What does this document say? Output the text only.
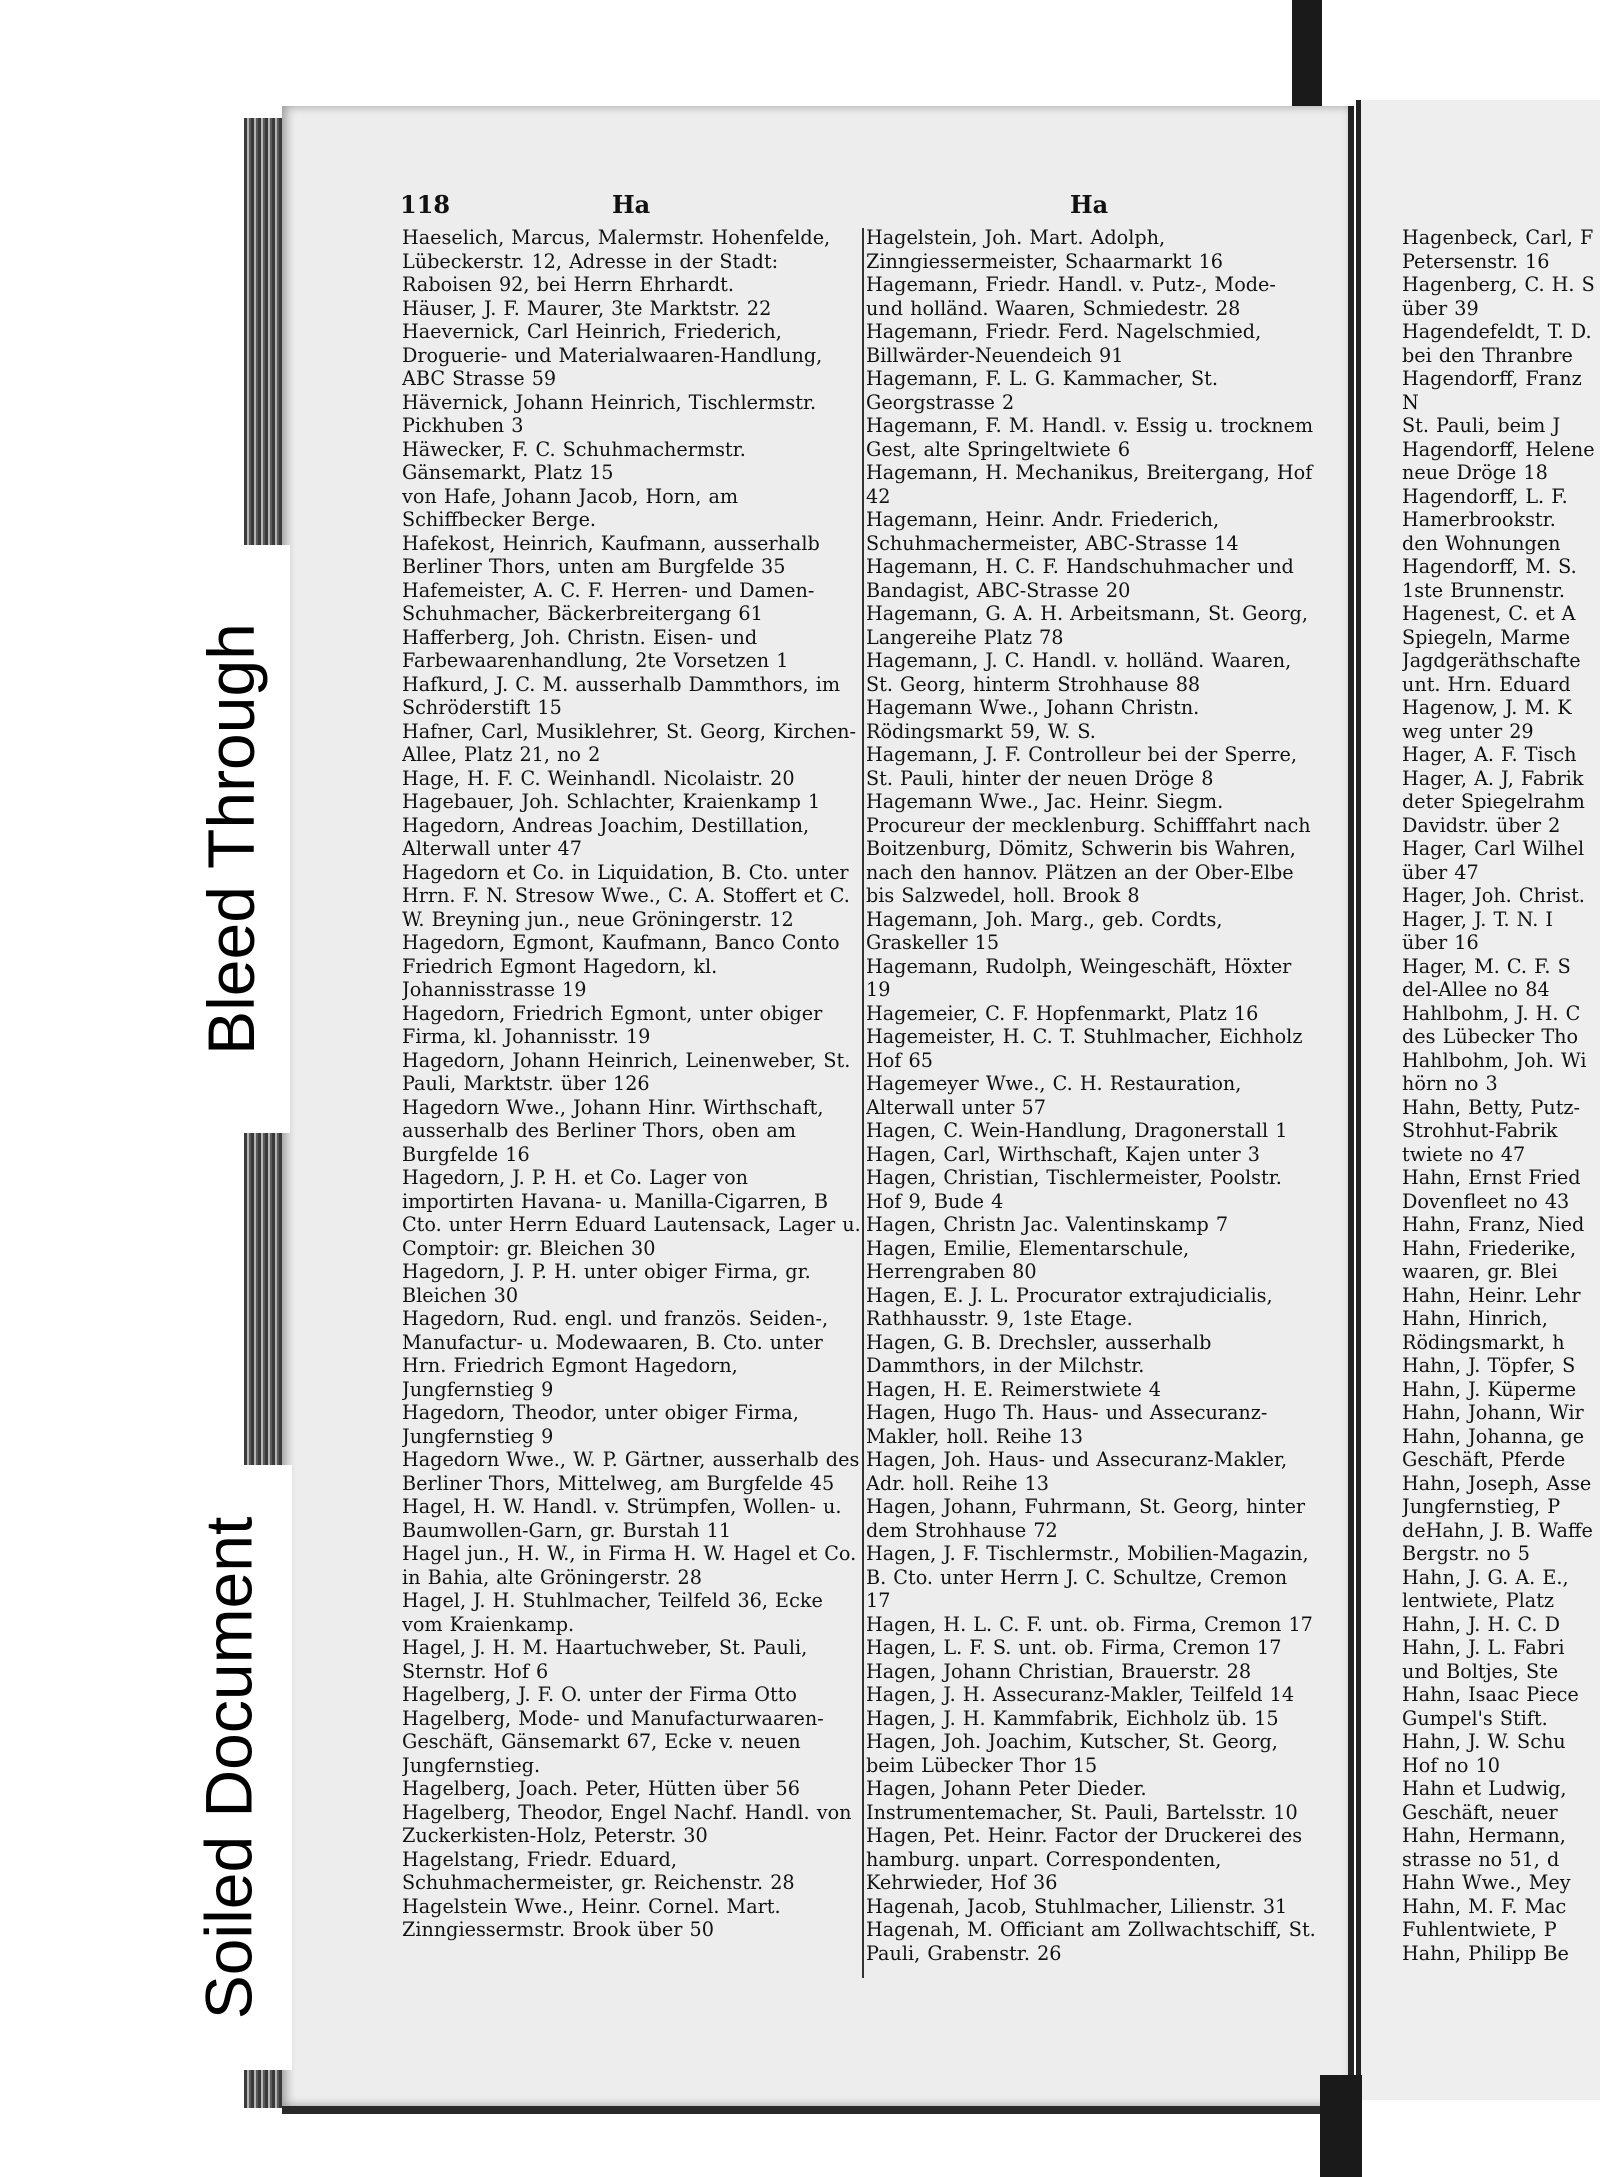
118	Ha	Ha

Haeselich, Marcus, Malermstr. Hohenfelde, Lübeckerstr. 12, Adresse in der Stadt: Raboisen 92, bei Herrn Ehrhardt.

Häuser, J. F. Maurer, 3te Marktstr. 22

Haevernick, Carl Heinrich, Friederich, Droguerie- und Materialwaaren-Handlung, ABC Strasse 59

Hävernick, Johann Heinrich, Tischlermstr. Pickhuben 3

Häwecker, F. C. Schuhmachermstr. Gänsemarkt, Platz 15

von Hafe, Johann Jacob, Horn, am Schiffbecker Berge.

Hafekost, Heinrich, Kaufmann, ausserhalb Berliner Thors, unten am Burgfelde 35

Hafemeister, A. C. F. Herren- und Damen-Schuhmacher, Bäckerbreitergang 61

Hafferberg, Joh. Christn. Eisen- und Farbewaarenhandlung, 2te Vorsetzen 1

Hafkurd, J. C. M. ausserhalb Dammthors, im Schröderstift 15

Hafner, Carl, Musiklehrer, St. Georg, Kirchen-Allee, Platz 21, no 2

Hage, H. F. C. Weinhandl. Nicolaistr. 20

Hagebauer, Joh. Schlachter, Kraienkamp 1

Hagedorn, Andreas Joachim, Destillation, Alterwall unter 47

Hagedorn et Co. in Liquidation, B. Cto. unter Hrrn. F. N. Stresow Wwe., C. A. Stoffert et C. W. Breyning jun., neue Gröningerstr. 12

Hagedorn, Egmont, Kaufmann, Banco Conto Friedrich Egmont Hagedorn, kl. Johannisstrasse 19

Hagedorn, Friedrich Egmont, unter obiger Firma, kl. Johannisstr. 19

Hagedorn, Johann Heinrich, Leinenweber, St. Pauli, Marktstr. über 126

Hagedorn Wwe., Johann Hinr. Wirthschaft, ausserhalb des Berliner Thors, oben am Burgfelde 16

Hagedorn, J. P. H. et Co. Lager von importirten Havana- u. Manilla-Cigarren, B Cto. unter Herrn Eduard Lautensack, Lager u. Comptoir: gr. Bleichen 30

Hagedorn, J. P. H. unter obiger Firma, gr. Bleichen 30

Hagedorn, Rud. engl. und französ. Seiden-, Manufactur- u. Modewaaren, B. Cto. unter Hrn. Friedrich Egmont Hagedorn, Jungfernstieg 9

Hagedorn, Theodor, unter obiger Firma, Jungfernstieg 9

Hagedorn Wwe., W. P. Gärtner, ausserhalb des Berliner Thors, Mittelweg, am Burgfelde 45

Hagel, H. W. Handl. v. Strümpfen, Wollen- u. Baumwollen-Garn, gr. Burstah 11

Hagel jun., H. W., in Firma H. W. Hagel et Co. in Bahia, alte Gröningerstr. 28

Hagel, J. H. Stuhlmacher, Teilfeld 36, Ecke vom Kraienkamp.

Hagel, J. H. M. Haartuchweber, St. Pauli, Sternstr. Hof 6

Hagelberg, J. F. O. unter der Firma Otto Hagelberg, Mode- und Manufacturwaaren-Geschäft, Gänsemarkt 67, Ecke v. neuen Jungfernstieg.

Hagelberg, Joach. Peter, Hütten über 56

Hagelberg, Theodor, Engel Nachf. Handl. von Zuckerkisten-Holz, Peterstr. 30

Hagelstang, Friedr. Eduard, Schuhmachermeister, gr. Reichenstr. 28

Hagelstein Wwe., Heinr. Cornel. Mart. Zinngiessermstr. Brook über 50

Hagelstein, Joh. Mart. Adolph, Zinngiessermeister, Schaarmarkt 16

Hagemann, Friedr. Handl. v. Putz-, Mode- und holländ. Waaren, Schmiedestr. 28

Hagemann, Friedr. Ferd. Nagelschmied, Billwärder-Neuendeich 91

Hagemann, F. L. G. Kammacher, St. Georgstrasse 2

Hagemann, F. M. Handl. v. Essig u. trocknem Gest, alte Springeltwiete 6

Hagemann, H. Mechanikus, Breitergang, Hof 42

Hagemann, Heinr. Andr. Friederich, Schuhmachermeister, ABC-Strasse 14

Hagemann, H. C. F. Handschuhmacher und Bandagist, ABC-Strasse 20

Hagemann, G. A. H. Arbeitsmann, St. Georg, Langereihe Platz 78

Hagemann, J. C. Handl. v. holländ. Waaren, St. Georg, hinterm Strohhause 88

Hagemann Wwe., Johann Christn. Rödingsmarkt 59, W. S.

Hagemann, J. F. Controlleur bei der Sperre, St. Pauli, hinter der neuen Dröge 8

Hagemann Wwe., Jac. Heinr. Siegm. Procureur der mecklenburg. Schifffahrt nach Boitzenburg, Dömitz, Schwerin bis Wahren, nach den hannov. Plätzen an der Ober-Elbe bis Salzwedel, holl. Brook 8

Hagemann, Joh. Marg., geb. Cordts, Graskeller 15

Hagemann, Rudolph, Weingeschäft, Höxter 19

Hagemeier, C. F. Hopfenmarkt, Platz 16

Hagemeister, H. C. T. Stuhlmacher, Eichholz Hof 65

Hagemeyer Wwe., C. H. Restauration, Alterwall unter 57

Hagen, C. Wein-Handlung, Dragonerstall 1

Hagen, Carl, Wirthschaft, Kajen unter 3

Hagen, Christian, Tischlermeister, Poolstr. Hof 9, Bude 4

Hagen, Christn Jac. Valentinskamp 7

Hagen, Emilie, Elementarschule, Herrengraben 80

Hagen, E. J. L. Procurator extrajudicialis, Rathhausstr. 9, 1ste Etage.

Hagen, G. B. Drechsler, ausserhalb Dammthors, in der Milchstr.

Hagen, H. E. Reimerstwiete 4

Hagen, Hugo Th. Haus- und Assecuranz-Makler, holl. Reihe 13

Hagen, Joh. Haus- und Assecuranz-Makler, Adr. holl. Reihe 13

Hagen, Johann, Fuhrmann, St. Georg, hinter dem Strohhause 72

Hagen, J. F. Tischlermstr., Mobilien-Magazin, B. Cto. unter Herrn J. C. Schultze, Cremon 17

Hagen, H. L. C. F. unt. ob. Firma, Cremon 17

Hagen, L. F. S. unt. ob. Firma, Cremon 17

Hagen, Johann Christian, Brauerstr. 28

Hagen, J. H. Assecuranz-Makler, Teilfeld 14

Hagen, J. H. Kammfabrik, Eichholz üb. 15

Hagen, Joh. Joachim, Kutscher, St. Georg, beim Lübecker Thor 15

Hagen, Johann Peter Dieder. Instrumentemacher, St. Pauli, Bartelsstr. 10

Hagen, Pet. Heinr. Factor der Druckerei des hamburg. unpart. Correspondenten, Kehrwieder, Hof 36

Hagenah, Jacob, Stuhlmacher, Lilienstr. 31

Hagenah, M. Officiant am Zollwachtschiff, St. Pauli, Grabenstr. 26

Hagenbeck, Carl, F

Petersenstr. 16

Hagenberg, C. H. S

über 39

Hagendefeldt, T. D.

bei den Thranbre

Hagendorff, Franz N

St. Pauli, beim J

Hagendorff, Helene

neue Dröge 18

Hagendorff, L. F.

Hamerbrookstr.

den Wohnungen

Hagendorff, M. S.

1ste Brunnenstr.

Hagenest, C. et A

Spiegeln, Marme

Jagdgeräthschafte

unt. Hrn. Eduard

Hagenow, J. M. K

weg unter 29

Hager, A. F. Tisch

Hager, A. J, Fabrik

deter Spiegelrahm

Davidstr. über 2

Hager, Carl Wilhel

über 47

Hager, Joh. Christ.

Hager, J. T. N. I

über 16

Hager, M. C. F. S

del-Allee no 84

Hahlbohm, J. H. C

des Lübecker Tho

Hahlbohm, Joh. Wi

hörn no 3

Hahn, Betty, Putz-

Strohhut-Fabrik

twiete no 47

Hahn, Ernst Fried

Dovenfleet no 43

Hahn, Franz, Nied

Hahn, Friederike,

waaren, gr. Blei

Hahn, Heinr. Lehr

Hahn, Hinrich,

Rödingsmarkt, h

Hahn, J. Töpfer, S

Hahn, J. Küperme

Hahn, Johann, Wir

Hahn, Johanna, ge

Geschäft, Pferde

Hahn, Joseph, Asse

Jungfernstieg, P

deHahn, J. B. Waffe

Bergstr. no 5

Hahn, J. G. A. E.,

lentwiete, Platz

Hahn, J. H. C. D

Hahn, J. L. Fabri

und Boltjes, Ste

Hahn, Isaac Piece

Gumpel's Stift.

Hahn, J. W. Schu

Hof no 10

Hahn et Ludwig,

Geschäft, neuer

Hahn, Hermann,

strasse no 51, d

Hahn Wwe., Mey

Hahn, M. F. Mac

Fuhlentwiete, P

Hahn, Philipp Be

Bleed Through
Soiled Document
